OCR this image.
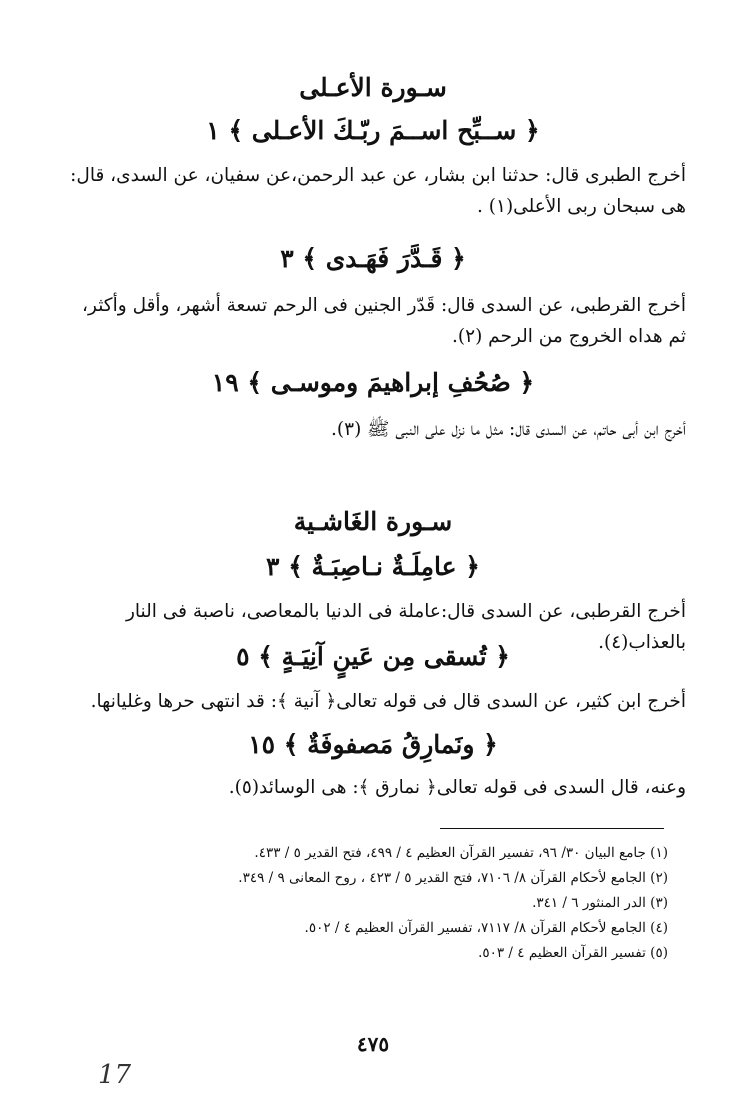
سـورة الأعـلى
﴿ ســبِّح اســمَ ربّـكَ الأعـلى ﴾ ١
أخرج الطبرى قال: حدثنا ابن بشار، عن عبد الرحمن،عن سفيان، عن السدى، قال: هى سبحان ربى الأعلى(١) .
﴿ قَـدَّرَ فَهَـدى ﴾ ٣
أخرج القرطبى، عن السدى قال: قَدّر الجنين فى الرحم تسعة أشهر، وأقل وأكثر، ثم هداه الخروج من الرحم (٢).
﴿ صُحُفِ إبراهيمَ وموسـى ﴾ ١٩
أخرج ابن أبى حاتم، عن السدى قال: مثل ما نزل على النبى ﷺ (٣).
سـورة الغَاشـية
﴿ عامِلَـةٌ نـاصِبَـةٌ ﴾ ٣
أخرج القرطبى، عن السدى قال:عاملة فى الدنيا بالمعاصى، ناصبة فى النار بالعذاب(٤).
﴿ تُسقى مِن عَينٍ آنِيَـةٍ ﴾ ٥
أخرج ابن كثير، عن السدى قال فى قوله تعالى﴿ آنية ﴾: قد انتهى حرها وغليانها.
﴿ ونَمارِقُ مَصفوفَةٌ ﴾ ١٥
وعنه، قال السدى فى قوله تعالى﴿ نمارق ﴾: هى الوسائد(٥).
(١) جامع البيان ٣٠/ ٩٦، تفسير القرآن العظيم ٤ / ٤٩٩، فتح القدير ٥ / ٤٣٣.
(٢) الجامع لأحكام القرآن ٨/ ٧١٠٦، فتح القدير ٥ / ٤٢٣ ، روح المعانى ٩ / ٣٤٩.
(٣) الدر المنثور ٦ / ٣٤١.
(٤) الجامع لأحكام القرآن ٨/ ٧١١٧، تفسير القرآن العظيم ٤ / ٥٠٢.
(٥) تفسير القرآن العظيم ٤ / ٥٠٣.
٤٧٥
17
